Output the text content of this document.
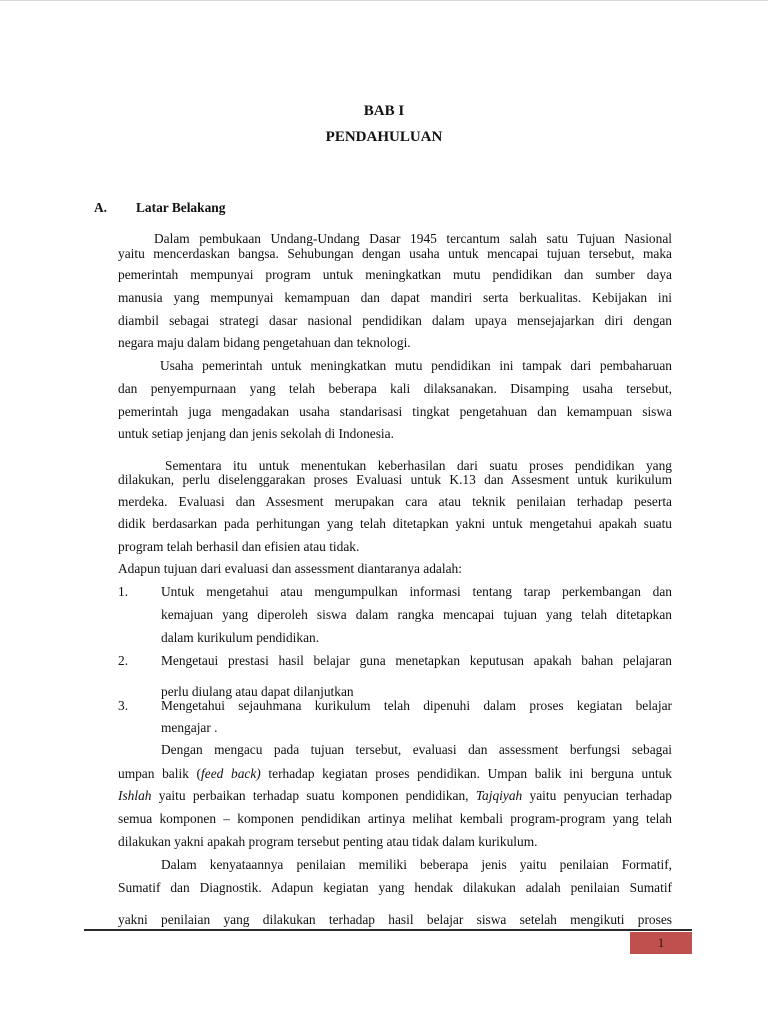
BAB I
PENDAHULUAN
A. Latar Belakang
Dalam pembukaan Undang-Undang Dasar 1945 tercantum salah satu Tujuan Nasional
yaitu mencerdaskan bangsa. Sehubungan dengan usaha untuk mencapai tujuan tersebut, maka
pemerintah mempunyai program untuk meningkatkan mutu pendidikan dan sumber daya
manusia yang mempunyai kemampuan dan dapat mandiri serta berkualitas. Kebijakan ini
diambil sebagai strategi dasar nasional pendidikan dalam upaya mensejajarkan diri dengan
negara maju dalam bidang pengetahuan dan teknologi.
Usaha pemerintah untuk meningkatkan mutu pendidikan ini tampak dari pembaharuan
dan penyempurnaan yang telah beberapa kali dilaksanakan. Disamping usaha tersebut,
pemerintah juga mengadakan usaha standarisasi tingkat pengetahuan dan kemampuan siswa
untuk setiap jenjang dan jenis sekolah di Indonesia.
Sementara itu untuk menentukan keberhasilan dari suatu proses pendidikan yang
dilakukan, perlu diselenggarakan proses Evaluasi untuk K.13 dan Assesment untuk kurikulum
merdeka. Evaluasi dan Assesment merupakan cara atau teknik penilaian terhadap peserta
didik berdasarkan pada perhitungan yang telah ditetapkan yakni untuk mengetahui apakah suatu
program telah berhasil dan efisien atau tidak.
Adapun tujuan dari evaluasi dan assessment diantaranya adalah:
1. Untuk mengetahui atau mengumpulkan informasi tentang tarap perkembangan dan
kemajuan yang diperoleh siswa dalam rangka mencapai tujuan yang telah ditetapkan
dalam kurikulum pendidikan.
2. Mengetaui prestasi hasil belajar guna menetapkan keputusan apakah bahan pelajaran
perlu diulang atau dapat dilanjutkan
3. Mengetahui sejauhmana kurikulum telah dipenuhi dalam proses kegiatan belajar
mengajar .
Dengan mengacu pada tujuan tersebut, evaluasi dan assessment berfungsi sebagai
umpan balik (feed back) terhadap kegiatan proses pendidikan. Umpan balik ini berguna untuk
Ishlah yaitu perbaikan terhadap suatu komponen pendidikan, Tajqiyah yaitu penyucian terhadap
semua komponen – komponen pendidikan artinya melihat kembali program-program yang telah
dilakukan yakni apakah program tersebut penting atau tidak dalam kurikulum.
Dalam kenyataannya penilaian memiliki beberapa jenis yaitu penilaian Formatif,
Sumatif dan Diagnostik. Adapun kegiatan yang hendak dilakukan adalah penilaian Sumatif
yakni penilaian yang dilakukan terhadap hasil belajar siswa setelah mengikuti proses
1
